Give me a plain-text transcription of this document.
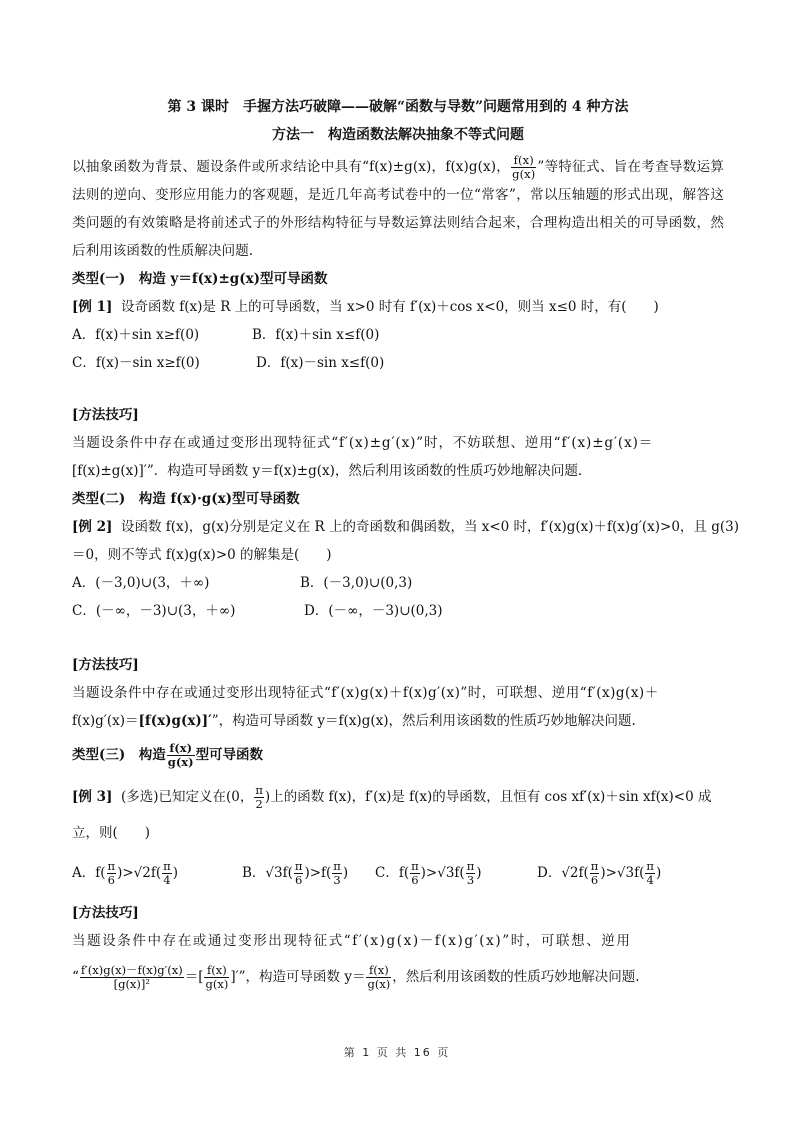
第 3 课时　手握方法巧破障——破解“函数与导数”问题常用到的 4 种方法
方法一　构造函数法解决抽象不等式问题
以抽象函数为背景、题设条件或所求结论中具有“f(x)±g(x)，f(x)g(x)， $\frac{f(x)}{g(x)}$ ”等特征式、旨在考查导数运算法则的逆向、变形应用能力的客观题，是近几年高考试卷中的一位“常客”，常以压轴题的形式出现，解答这类问题的有效策略是将前述式子的外形结构特征与导数运算法则结合起来，合理构造出相关的可导函数，然后利用该函数的性质解决问题.
类型(一)　构造 y＝f(x)±g(x)型可导函数
[例 1] 设奇函数 f(x)是 R 上的可导函数，当 x>0 时有 f′(x)＋cos x<0，则当 x≤0 时，有(　　)
A．f(x)＋sin x≥f(0)	B．f(x)＋sin x≤f(0)
C．f(x)－sin x≥f(0)	D．f(x)－sin x≤f(0)
[方法技巧]
当题设条件中存在或通过变形出现特征式“f′(x)±g′(x)”时，不妨联想、逆用“f′(x)±g′(x)＝
[f(x)±g(x)]′”．构造可导函数 y＝f(x)±g(x)，然后利用该函数的性质巧妙地解决问题.
类型(二)　构造 f(x)·g(x)型可导函数
[例 2] 设函数 f(x)，g(x)分别是定义在 R 上的奇函数和偶函数，当 x<0 时，f′(x)g(x)＋f(x)g′(x)>0，且 g(3)
＝0，则不等式 f(x)g(x)>0 的解集是(　　)
A．(－3,0)∪(3，＋∞)	B．(－3,0)∪(0,3)
C．(－∞，－3)∪(3，＋∞)	D．(－∞，－3)∪(0,3)
[方法技巧]
当题设条件中存在或通过变形出现特征式“f′(x)g(x)＋f(x)g′(x)”时，可联想、逆用“f′(x)g(x)＋
f(x)g′(x)＝[f(x)g(x)]′”，构造可导函数 y＝f(x)g(x)，然后利用该函数的性质巧妙地解决问题.
类型(三)　构造 $\frac{f(x)}{g(x)}$ 型可导函数
[例 3] (多选)已知定义在(0， $\frac{\pi}{2}$ )上的函数 f(x)，f′(x)是 f(x)的导函数，且恒有 cos xf′(x)＋sin xf(x)<0 成
立，则(　　)
A．$f( \frac{\pi}{6} )>√2f( \frac{\pi}{4}$ )	B．$√3f( \frac{\pi}{6} )>f( \frac{\pi}{3}$ )	C．$f( \frac{\pi}{6} )>√3f( \frac{\pi}{3}$ )	D．$√2f( \frac{\pi}{6} )>√3f( \frac{\pi}{4}$ )
[方法技巧]
当题设条件中存在或通过变形出现特征式“f′(x)g(x)－f(x)g′(x)”时，可联想、逆用
“ $\frac{f'(x)g(x)-f(x)g'(x)}{\text{[g(x)]²}}$ ＝[ $\frac{f(x)}{g(x)}$ ]′”，构造可导函数 $y= \frac{f(x)}{g(x)}$ ，然后利用该函数的性质巧妙地解决问题.
第 1 页 共 16 页
